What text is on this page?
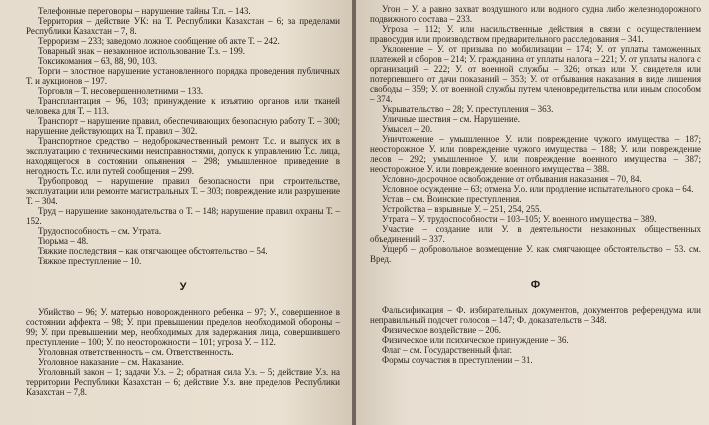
Телефонные переговоры – нарушение тайны Т.п. – 143.

Территория – действие УК: на Т. Республики Казахстан – 6; за пределами Республики Казахстан – 7, 8.

Терроризм – 233; заведомо ложное сообщение об акте Т. – 242.

Товарный знак – незаконное использование Т.з. – 199.

Токсикомания – 63, 88, 90, 103.

Торги – злостное нарушение установленного порядка проведения публичных Т. и аукционов – 197.

Торговля – Т. несовершеннолетними – 133.

Трансплантация – 96, 103; принуждение к изъятию органов или тканей человека для Т. – 113.

Транспорт – нарушение правил, обеспечивающих безопасную работу Т. – 300; нарушение действующих на Т. правил – 302.

Транспортное средство – недоброкачественный ремонт Т.с. и выпуск их в эксплуатацию с техническими неисправностями, допуск к управлению Т.с. лица, находящегося в состоянии опьянения – 298; умышленное приведение в негодность Т.с. или путей сообщения – 299.

Трубопровод – нарушение правил безопасности при строительстве, эксплуатации или ремонте магистральных Т. – 303; повреждение или разрушение Т. – 304.

Труд – нарушение законодательства о Т. – 148; нарушение правил охраны Т. – 152.

Трудоспособность – см. Утрата.

Тюрьма – 48.

Тяжкие последствия – как отягчающее обстоятельство – 54.

Тяжкое преступление – 10.

У

Убийство – 96; У. матерью новорожденного ребенка – 97; У., совершенное в состоянии аффекта – 98; У. при превышении пределов необходимой обороны – 99; У. при превышении мер, необходимых для задержания лица, совершившего преступление – 100; У. по неосторожности – 101; угроза У. – 112.

Уголовная ответственность – см. Ответственность.

Уголовное наказание – см. Наказание.

Уголовный закон – 1; задачи У.з. – 2; обратная сила У.з. – 5; действие У.з. на территории Республики Казахстан – 6; действие У.з. вне пределов Республики Казахстан – 7,8.

Угон – У. а равно захват воздушного или водного судна либо железнодорожного подвижного состава – 233.

Угроза – 112; У. или насильственные действия в связи с осуществлением правосудия или производством предварительного расследования – 341.

Уклонение – У. от призыва по мобилизации – 174; У. от уплаты таможенных платежей и сборов – 214; У. гражданина от уплаты налога – 221; У. от уплаты налога с организаций – 222; У. от военной службы – 326; отказ или У. свидетеля или потерпевшего от дачи показаний – 353; У. от отбывания наказания в виде лишения свободы – 359; У. от военной службы путем членовредительства или иным способом – 374.

Укрывательство – 28; У. преступления – 363.

Уличные шествия – см. Нарушение.

Умысел – 20.

Уничтожение – умышленное У. или повреждение чужого имущества – 187; неосторожное У. или повреждение чужого имущества – 188; У. или повреждение лесов – 292; умышленное У. или повреждение военного имущества – 387; неосторожное У. или повреждение военного имущества – 388.

Условно-досрочное освобождение от отбывания наказания – 70, 84.

Условное осуждение – 63; отмена У.о. или продление испытательного срока – 64.

Устав – см. Воинские преступления.

Устройства – взрывные У. – 251, 254, 255.

Утрата – У. трудоспособности – 103–105; У. военного имущества – 389.

Участие – создание или У. в деятельности незаконных общественных объединений – 337.

Ущерб – добровольное возмещение У. как смягчающее обстоятельство – 53. см. Вред.

Ф

Фальсификация – Ф. избирательных документов, документов референдума или неправильный подсчет голосов – 147; Ф. доказательств – 348.

Физическое воздействие – 206.

Физическое или психическое принуждение – 36.

Флаг – см. Государственный флаг.

Формы соучастия в преступлении – 31.
